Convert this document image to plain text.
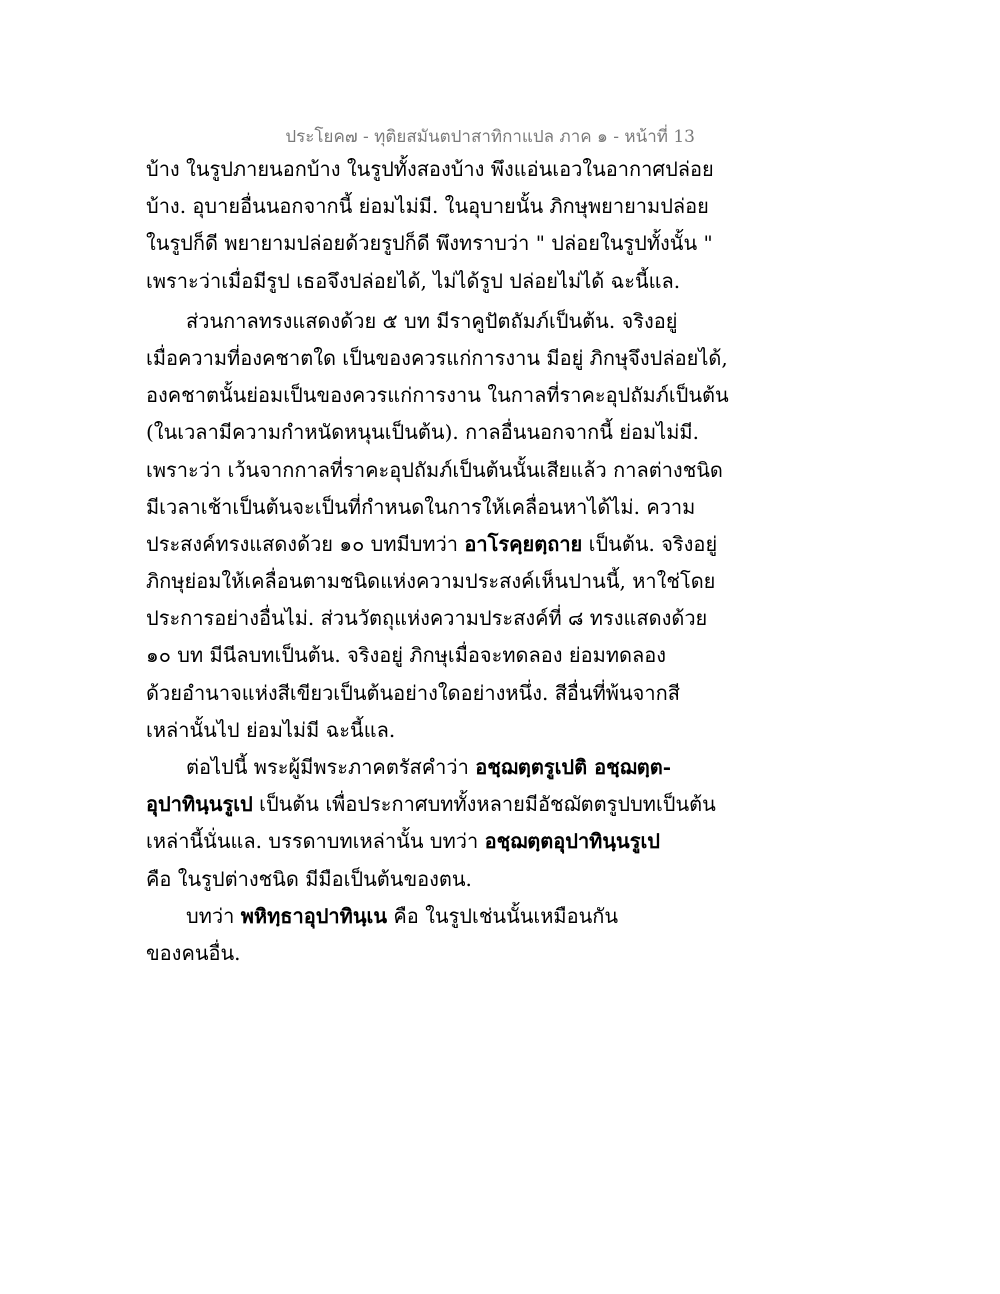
ประโยค๗ - ทุติยสมันตปาสาทิกาแปล ภาค ๑ - หน้าที่ 13
บ้าง ในรูปภายนอกบ้าง ในรูปทั้งสองบ้าง พึงแอ่นเอวในอากาศปล่อย
บ้าง. อุบายอื่นนอกจากนี้ ย่อมไม่มี. ในอุบายนั้น ภิกษุพยายามปล่อย
ในรูปก็ดี พยายามปล่อยด้วยรูปก็ดี พึงทราบว่า " ปล่อยในรูปทั้งนั้น "
เพราะว่าเมื่อมีรูป เธอจึงปล่อยได้, ไม่ได้รูป ปล่อยไม่ได้ ฉะนี้แล.
ส่วนกาลทรงแสดงด้วย ๕ บท มีราคูปัตถัมภ์เป็นต้น. จริงอยู่
เมื่อความที่องคชาตใด เป็นของควรแก่การงาน มีอยู่ ภิกษุจึงปล่อยได้,
องคชาตนั้นย่อมเป็นของควรแก่การงาน ในกาลที่ราคะอุปถัมภ์เป็นต้น
(ในเวลามีความกำหนัดหนุนเป็นต้น). กาลอื่นนอกจากนี้ ย่อมไม่มี.
เพราะว่า เว้นจากกาลที่ราคะอุปถัมภ์เป็นต้นนั้นเสียแล้ว กาลต่างชนิด
มีเวลาเช้าเป็นต้นจะเป็นที่กำหนดในการให้เคลื่อนหาได้ไม่. ความ
ประสงค์ทรงแสดงด้วย ๑๐ บทมีบทว่า อาโรคฺยตฺถาย เป็นต้น. จริงอยู่
ภิกษุย่อมให้เคลื่อนตามชนิดแห่งความประสงค์เห็นปานนี้, หาใช่โดย
ประการอย่างอื่นไม่. ส่วนวัตถุแห่งความประสงค์ที่ ๘ ทรงแสดงด้วย
๑๐ บท มีนีลบทเป็นต้น. จริงอยู่ ภิกษุเมื่อจะทดลอง ย่อมทดลอง
ด้วยอำนาจแห่งสีเขียวเป็นต้นอย่างใดอย่างหนึ่ง. สีอื่นที่พ้นจากสี
เหล่านั้นไป ย่อมไม่มี ฉะนี้แล.
ต่อไปนี้ พระผู้มีพระภาคตรัสคำว่า อชฺฌตฺตรูเปติ อชฺฌตฺต-
อุปาทินฺนรูเป เป็นต้น เพื่อประกาศบททั้งหลายมีอัชฌัตตรูปบทเป็นต้น
เหล่านี้นั่นแล. บรรดาบทเหล่านั้น บทว่า อชฺฌตฺตอุปาทินฺนรูเป
คือ ในรูปต่างชนิด มีมือเป็นต้นของตน.
บทว่า พหิทฺธาอุปาทินฺเน คือ ในรูปเช่นนั้นเหมือนกัน
ของคนอื่น.
